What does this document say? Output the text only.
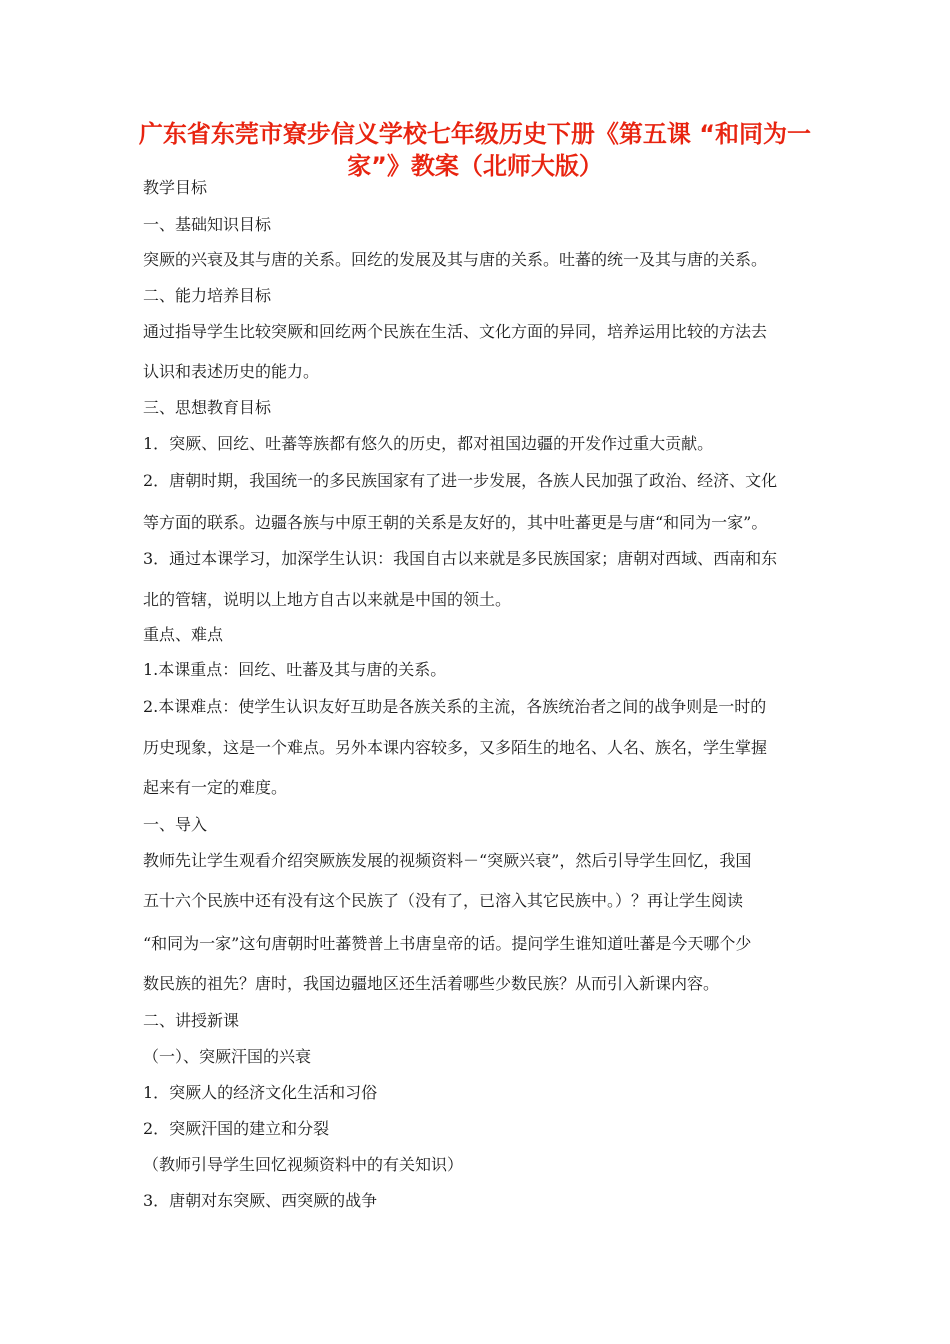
广东省东莞市寮步信义学校七年级历史下册《第五课 “和同为一
家”》教案（北师大版）
教学目标
一、基础知识目标
突厥的兴衰及其与唐的关系。回纥的发展及其与唐的关系。吐蕃的统一及其与唐的关系。
二、能力培养目标
通过指导学生比较突厥和回纥两个民族在生活、文化方面的异同，培养运用比较的方法去
认识和表述历史的能力。
三、思想教育目标
1．突厥、回纥、吐蕃等族都有悠久的历史，都对祖国边疆的开发作过重大贡献。
2．唐朝时期，我国统一的多民族国家有了进一步发展，各族人民加强了政治、经济、文化
等方面的联系。边疆各族与中原王朝的关系是友好的，其中吐蕃更是与唐“和同为一家”。
3．通过本课学习，加深学生认识：我国自古以来就是多民族国家；唐朝对西域、西南和东
北的管辖，说明以上地方自古以来就是中国的领土。
重点、难点
1.本课重点：回纥、吐蕃及其与唐的关系。
2.本课难点：使学生认识友好互助是各族关系的主流，各族统治者之间的战争则是一时的
历史现象，这是一个难点。另外本课内容较多，又多陌生的地名、人名、族名，学生掌握
起来有一定的难度。
一、导入
教师先让学生观看介绍突厥族发展的视频资料－“突厥兴衰”，然后引导学生回忆，我国
五十六个民族中还有没有这个民族了（没有了，已溶入其它民族中。）？再让学生阅读
“和同为一家”这句唐朝时吐蕃赞普上书唐皇帝的话。提问学生谁知道吐蕃是今天哪个少
数民族的祖先？唐时，我国边疆地区还生活着哪些少数民族？从而引入新课内容。
二、讲授新课
（一）、突厥汗国的兴衰
1．突厥人的经济文化生活和习俗
2．突厥汗国的建立和分裂
（教师引导学生回忆视频资料中的有关知识）
3．唐朝对东突厥、西突厥的战争
